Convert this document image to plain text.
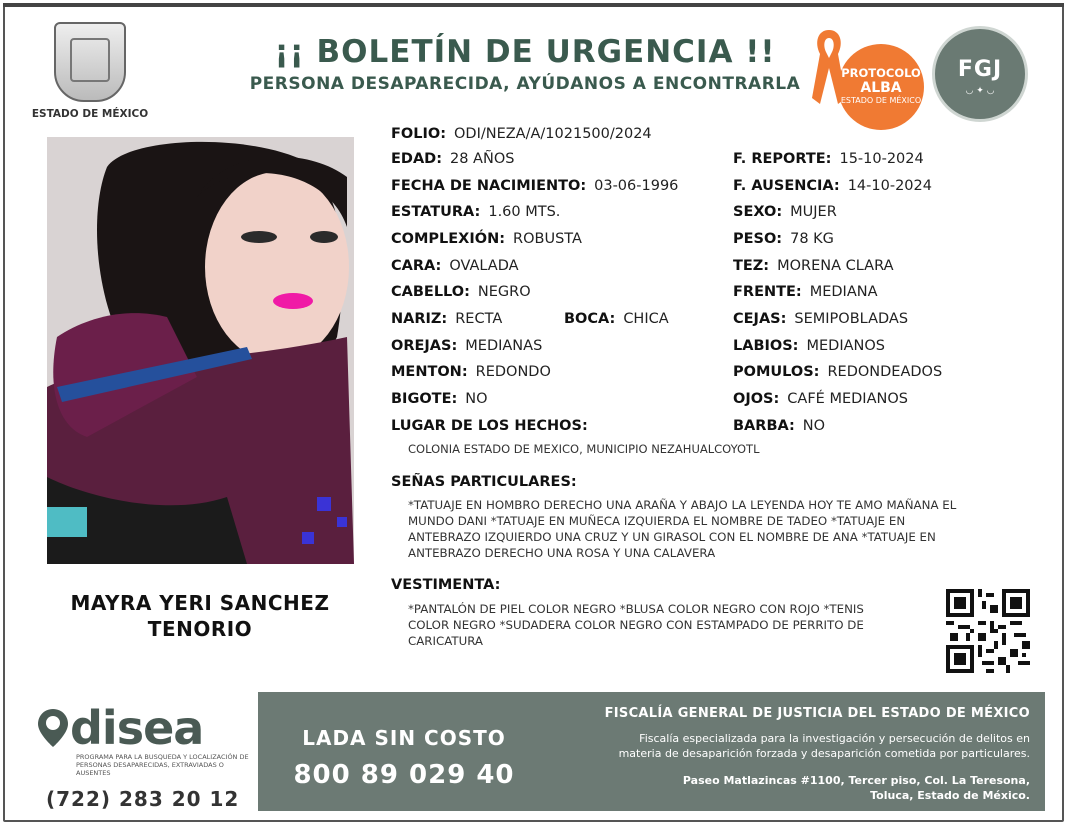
ESTADO DE MÉXICO
¡¡ BOLETÍN DE URGENCIA !!
PERSONA DESAPARECIDA, AYÚDANOS A ENCONTRARLA
PROTOCOLO
ALBA
ESTADO DE MÉXICO
FGJ
◡ ✦ ◡
MAYRA YERI SANCHEZ
TENORIO
FOLIO: ODI/NEZA/A/1021500/2024
EDAD: 28 AÑOS
FECHA DE NACIMIENTO: 03-06-1996
ESTATURA: 1.60 MTS.
COMPLEXIÓN: ROBUSTA
CARA: OVALADA
CABELLO: NEGRO
NARIZ: RECTA	BOCA: CHICA
OREJAS: MEDIANAS
MENTON: REDONDO
BIGOTE: NO
LUGAR DE LOS HECHOS:
COLONIA ESTADO DE MEXICO, MUNICIPIO NEZAHUALCOYOTL
F. REPORTE: 15-10-2024
F. AUSENCIA: 14-10-2024
SEXO: MUJER
PESO: 78 KG
TEZ: MORENA CLARA
FRENTE: MEDIANA
CEJAS: SEMIPOBLADAS
LABIOS: MEDIANOS
POMULOS: REDONDEADOS
OJOS: CAFÉ MEDIANOS
BARBA: NO
SEÑAS PARTICULARES:
*TATUAJE EN HOMBRO DERECHO UNA ARAÑA Y ABAJO LA LEYENDA HOY TE AMO MAÑANA EL
MUNDO DANI *TATUAJE EN MUÑECA IZQUIERDA EL NOMBRE DE TADEO *TATUAJE EN
ANTEBRAZO IZQUIERDO UNA CRUZ Y UN GIRASOL CON EL NOMBRE DE ANA *TATUAJE EN
ANTEBRAZO DERECHO UNA ROSA Y UNA CALAVERA
VESTIMENTA:
*PANTALÓN DE PIEL COLOR NEGRO *BLUSA COLOR NEGRO CON ROJO *TENIS
COLOR NEGRO *SUDADERA COLOR NEGRO CON ESTAMPADO DE PERRITO DE
CARICATURA
disea
PROGRAMA PARA LA BUSQUEDA Y LOCALIZACIÓN DE PERSONAS DESAPARECIDAS, EXTRAVIADAS O AUSENTES
(722) 283 20 12
LADA SIN COSTO
800 89 029 40
FISCALÍA GENERAL DE JUSTICIA DEL ESTADO DE MÉXICO
Fiscalía especializada para la investigación y persecución de delitos en
materia de desaparición forzada y desaparición cometida por particulares.
Paseo Matlazincas #1100, Tercer piso, Col. La Teresona,
Toluca, Estado de México.
